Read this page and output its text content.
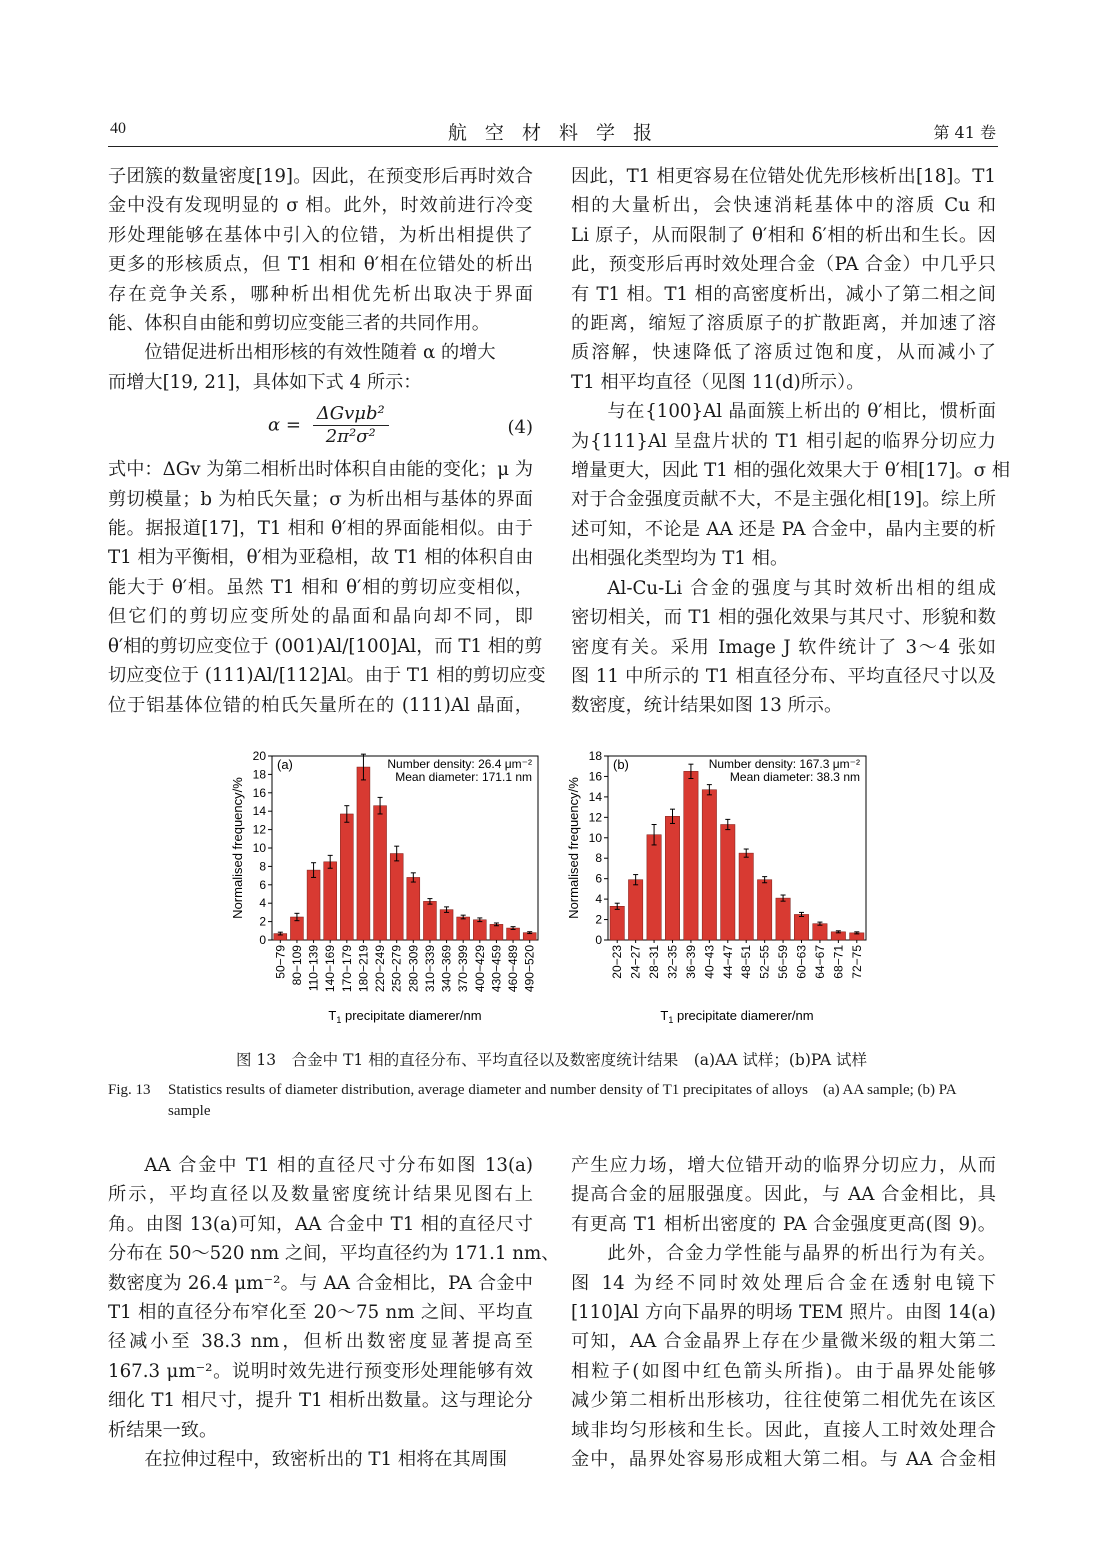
40	航 空 材 料 学 报	第 41 卷

子团簇的数量密度[19]。因此，在预变形后再时效合
金中没有发现明显的 σ 相。此外，时效前进行冷变
形处理能够在基体中引入的位错，为析出相提供了
更多的形核质点，但 T1 相和 θ′相在位错处的析出
存在竞争关系，哪种析出相优先析出取决于界面
能、体积自由能和剪切应变能三者的共同作用。

位错促进析出相形核的有效性随着 α 的增大

而增大[19, 21]，具体如下式 4 所示：

$\alpha = \frac{\text{ΔGvμb²}}{\text{2π²σ²}}$	(4)

式中：ΔGv 为第二相析出时体积自由能的变化；μ 为
剪切模量；b 为柏氏矢量；σ 为析出相与基体的界面
能。据报道[17]，T1 相和 θ′相的界面能相似。由于
T1 相为平衡相，θ′相为亚稳相，故 T1 相的体积自由
能大于 θ′相。虽然 T1 相和 θ′相的剪切应变相似，
但它们的剪切应变所处的晶面和晶向却不同，即
θ′相的剪切应变位于 (001)Al/[100]Al，而 T1 相的剪
切应变位于 (111)Al/[112]Al。由于 T1 相的剪切应变
位于铝基体位错的柏氏矢量所在的 (111)Al 晶面，

因此，T1 相更容易在位错处优先形核析出[18]。T1
相的大量析出，会快速消耗基体中的溶质 Cu 和
Li 原子，从而限制了 θ′相和 δ′相的析出和生长。因
此，预变形后再时效处理合金（PA 合金）中几乎只
有 T1 相。T1 相的高密度析出，减小了第二相之间
的距离，缩短了溶质原子的扩散距离，并加速了溶
质溶解，快速降低了溶质过饱和度，从而减小了
T1 相平均直径（见图 11(d)所示）。

与在{100}Al 晶面簇上析出的 θ′相比，惯析面

为{111}Al 呈盘片状的 T1 相引起的临界分切应力
增量更大，因此 T1 相的强化效果大于 θ′相[17]。σ 相
对于合金强度贡献不大，不是主强化相[19]。综上所
述可知，不论是 AA 还是 PA 合金中，晶内主要的析
出相强化类型均为 T1 相。

Al-Cu-Li 合金的强度与其时效析出相的组成

密切相关，而 T1 相的强化效果与其尺寸、形貌和数
密度有关。采用 Image J 软件统计了 3～4 张如
图 11 中所示的 T1 相直径分布、平均直径尺寸以及
数密度，统计结果如图 13 所示。

0
2
4
6
8
10
12
14
16
18
20
Normalised frequency/%
50−79 80−109 110−139 140−169 170−179 180−219 220−249 250−279 280−309 310−339 340−369 370−399 400−429 430−459 460−489 490−520
(a)	Number density: 26.4 μm⁻²
Mean diameter: 171.1 nm
$T_1$ precipitate diamerer/nm
0
2
4
6
8
10
12
14
16
18
Normalised frequency/%
20−23 24−27 28−31 32−35 36−39 40−43 44−47 48−51 52−55 56−59 60−63 64−67 68−71 72−75
(b)	Number density: 167.3 μm⁻²
Mean diameter: 38.3 nm
$T_1$ precipitate diamerer/nm
图 13　合金中 T1 相的直径分布、平均直径以及数密度统计结果　(a)AA 试样；(b)PA 试样
Fig. 13 Statistics results of diameter distribution, average diameter and number density of T1 precipitates of alloys　(a) AA sample; (b) PA sample

AA 合金中 T1 相的直径尺寸分布如图 13(a)
所示，平均直径以及数量密度统计结果见图右上
角。由图 13(a)可知，AA 合金中 T1 相的直径尺寸
分布在 50～520 nm 之间，平均直径约为 171.1 nm、
数密度为 26.4 μm⁻²。与 AA 合金相比，PA 合金中
T1 相的直径分布窄化至 20～75 nm 之间、平均直
径减小至 38.3 nm，但析出数密度显著提高至
167.3 μm⁻²。说明时效先进行预变形处理能够有效
细化 T1 相尺寸，提升 T1 相析出数量。这与理论分
析结果一致。

在拉伸过程中，致密析出的 T1 相将在其周围

产生应力场，增大位错开动的临界分切应力，从而
提高合金的屈服强度。因此，与 AA 合金相比，具
有更高 T1 相析出密度的 PA 合金强度更高(图 9)。

此外，合金力学性能与晶界的析出行为有关。
图 14 为经不同时效处理后合金在透射电镜下
[110]Al 方向下晶界的明场 TEM 照片。由图 14(a)
可知，AA 合金晶界上存在少量微米级的粗大第二
相粒子(如图中红色箭头所指)。由于晶界处能够
减少第二相析出形核功，往往使第二相优先在该区
域非均匀形核和生长。因此，直接人工时效处理合
金中，晶界处容易形成粗大第二相。与 AA 合金相
